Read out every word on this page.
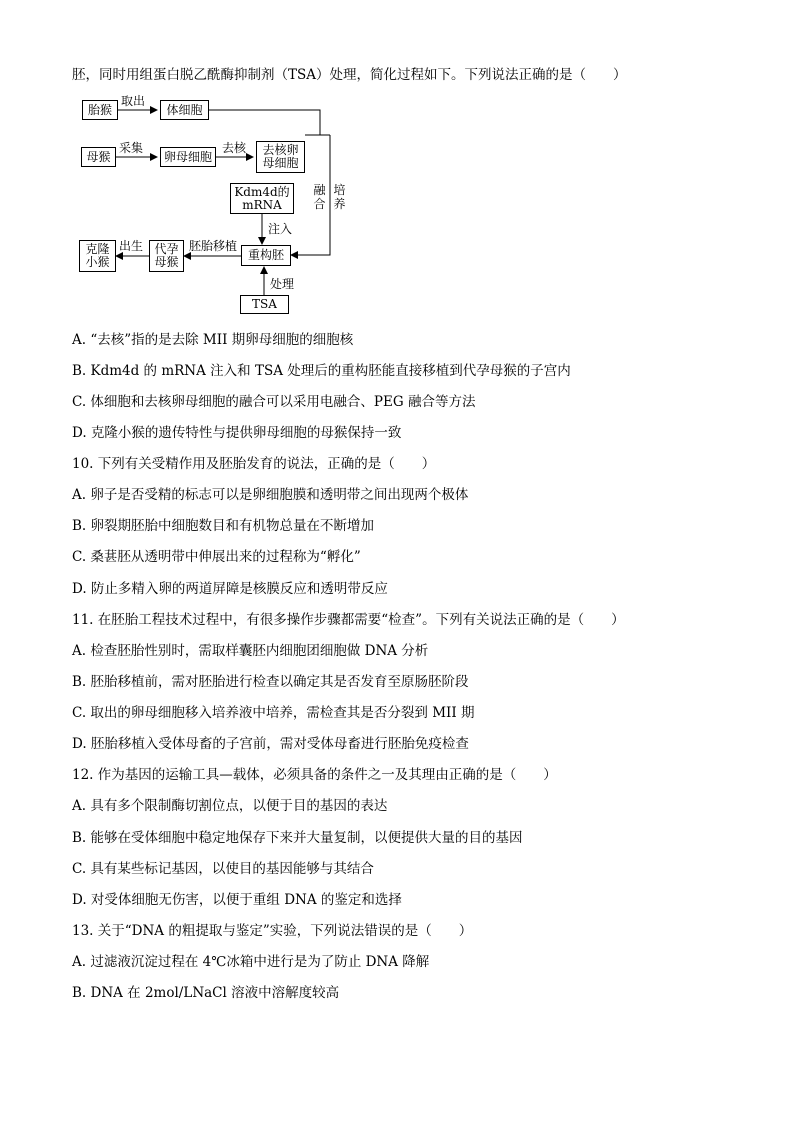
胚，同时用组蛋白脱乙酰酶抑制剂（TSA）处理，简化过程如下。下列说法正确的是（　　）
胎猴
取出
体细胞
母猴
采集
卵母细胞
去核 去核卵
母细胞
Kdm4d的
mRNA
注入
融合
培养
重构胚
胚胎移植
代孕
母猴
出生
克隆
小猴
处理
TSA
A. “去核”指的是去除 MII 期卵母细胞的细胞核
B. Kdm4d 的 mRNA 注入和 TSA 处理后的重构胚能直接移植到代孕母猴的子宫内
C. 体细胞和去核卵母细胞的融合可以采用电融合、PEG 融合等方法
D. 克隆小猴的遗传特性与提供卵母细胞的母猴保持一致
10. 下列有关受精作用及胚胎发育的说法，正确的是（　　）
A. 卵子是否受精的标志可以是卵细胞膜和透明带之间出现两个极体
B. 卵裂期胚胎中细胞数目和有机物总量在不断增加
C. 桑葚胚从透明带中伸展出来的过程称为“孵化”
D. 防止多精入卵的两道屏障是核膜反应和透明带反应
11. 在胚胎工程技术过程中，有很多操作步骤都需要“检查”。下列有关说法正确的是（　　）
A. 检查胚胎性别时，需取样囊胚内细胞团细胞做 DNA 分析
B. 胚胎移植前，需对胚胎进行检查以确定其是否发育至原肠胚阶段
C. 取出的卵母细胞移入培养液中培养，需检查其是否分裂到 MII 期
D. 胚胎移植入受体母畜的子宫前，需对受体母畜进行胚胎免疫检查
12. 作为基因的运输工具—载体，必须具备的条件之一及其理由正确的是（　　）
A. 具有多个限制酶切割位点，以便于目的基因的表达
B. 能够在受体细胞中稳定地保存下来并大量复制，以便提供大量的目的基因
C. 具有某些标记基因，以使目的基因能够与其结合
D. 对受体细胞无伤害，以便于重组 DNA 的鉴定和选择
13. 关于“DNA 的粗提取与鉴定”实验，下列说法错误的是（　　）
A. 过滤液沉淀过程在 4℃冰箱中进行是为了防止 DNA 降解
B. DNA 在 2mol/LNaCl 溶液中溶解度较高
